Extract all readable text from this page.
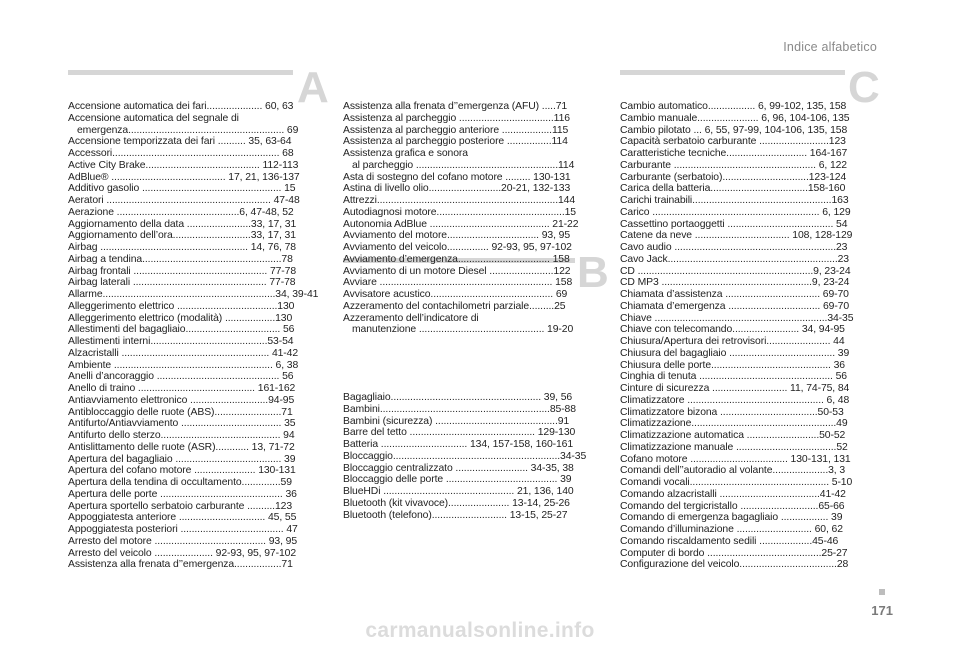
Indice alfabetico
A
B
C
Accensione automatica dei fari.................... 60, 63
Accensione automatica del segnale di
emergenza........................................................ 69
Accensione temporizzata dei fari .......... 35, 63-64
Accessori............................................................ 68
Active City Brake......................................... 112-113
AdBlue® ......................................... 17, 21, 136-137
Additivo gasolio .................................................. 15
Aeratori ........................................................... 47-48
Aerazione ............................................6, 47-48, 52
Aggiornamento della data .......................33, 17, 31
Aggiornamento dell’ora............................33, 17, 31
Airbag ..................................................... 14, 76, 78
Airbag a tendina..................................................78
Airbag frontali ................................................ 77-78
Airbag laterali ................................................ 77-78
Allarme..............................................................34, 39-41
Alleggerimento elettrico ....................................130
Alleggerimento elettrico (modalità) ..................130
Allestimenti del bagagliaio.................................. 56
Allestimenti interni..........................................53-54
Alzacristalli ..................................................... 41-42
Ambiente ......................................................... 6, 38
Anelli d’ancoraggio ............................................ 56
Anello di traino .......................................... 161-162
Antiavviamento elettronico ............................94-95
Antibloccaggio delle ruote (ABS)........................71
Antifurto/Antiavviamento .................................... 35
Antifurto dello sterzo........................................... 94
Antislittamento delle ruote (ASR)............ 13, 71-72
Apertura del bagagliaio ...................................... 39
Apertura del cofano motore ...................... 130-131
Apertura della tendina di occultamento..............59
Apertura delle porte ............................................ 36
Apertura sportello serbatoio carburante ..........123
Appoggiatesta anteriore ............................... 45, 55
Appoggiatesta posteriori ..................................... 47
Arresto del motore ........................................ 93, 95
Arresto del veicolo ..................... 92-93, 95, 97-102
Assistenza alla frenata d’’emergenza.................71
Assistenza alla frenata d’’emergenza (AFU) .....71
Assistenza al parcheggio ..................................116
Assistenza al parcheggio anteriore ..................115
Assistenza al parcheggio posteriore ................114
Assistenza grafica e sonora
al parcheggio ...................................................114
Asta di sostegno del cofano motore ......... 130-131
Astina di livello olio..........................20-21, 132-133
Attrezzi.................................................................144
Autodiagnosi motore..............................................15
Autonomia AdBlue ........................................... 21-22
Avviamento del motore................................. 93, 95
Avviamento del veicolo............... 92-93, 95, 97-102
Avviamento d’emergenza................................. 158
Avviamento di un motore Diesel .......................122
Avviare .............................................................. 158
Avvisatore acustico............................................ 69
Azzeramento del contachilometri parziale.........25
Azzeramento dell’indicatore di
manutenzione ............................................. 19-20
Bagagliaio...................................................... 39, 56
Bambini.............................................................85-88
Bambini (sicurezza) ............................................91
Barre del tetto ............................................. 129-130
Batteria ............................... 134, 157-158, 160-161
Bloccaggio............................................................34-35
Bloccaggio centralizzato .......................... 34-35, 38
Bloccaggio delle porte ........................................ 39
BlueHDi ............................................... 21, 136, 140
Bluetooth (kit vivavoce)...................... 13-14, 25-26
Bluetooth (telefono)........................... 13-15, 25-27
Cambio automatico................. 6, 99-102, 135, 158
Cambio manuale...................... 6, 96, 104-106, 135
Cambio pilotato ... 6, 55, 97-99, 104-106, 135, 158
Capacità serbatoio carburante .........................123
Caratteristiche tecniche............................. 164-167
Carburante ................................................... 6, 122
Carburante (serbatoio)...............................123-124
Carica della batteria...................................158-160
Carichi trainabili..................................................163
Carico ............................................................ 6, 129
Cassettino portaoggetti ...................................... 54
Catene da neve .................................. 108, 128-129
Cavo audio ..........................................................23
Cavo Jack.............................................................23
CD ...............................................................9, 23-24
CD MP3 ......................................................9, 23-24
Chiamata d’assistenza .................................. 69-70
Chiamata d’emergenza ................................. 69-70
Chiave ..............................................................34-35
Chiave con telecomando........................ 34, 94-95
Chiusura/Apertura dei retrovisori....................... 44
Chiusura del bagagliaio ...................................... 39
Chiusura delle porte........................................... 36
Cinghia di tenuta ................................................ 56
Cinture di sicurezza ........................... 11, 74-75, 84
Climatizzatore ................................................. 6, 48
Climatizzatore bizona ...................................50-53
Climatizzazione....................................................49
Climatizzazione automatica ..........................50-52
Climatizzazione manuale ....................................52
Cofano motore ................................... 130-131, 131
Comandi dell’’autoradio al volante....................3, 3
Comandi vocali.................................................. 5-10
Comando alzacristalli ....................................41-42
Comando del tergicristallo ............................65-66
Comando di emergenza bagagliaio ................. 39
Comando d’illuminazione ........................... 60, 62
Comando riscaldamento sedili ...................45-46
Computer di bordo .........................................25-27
Configurazione del veicolo...................................28
171
carmanualsonline.info
